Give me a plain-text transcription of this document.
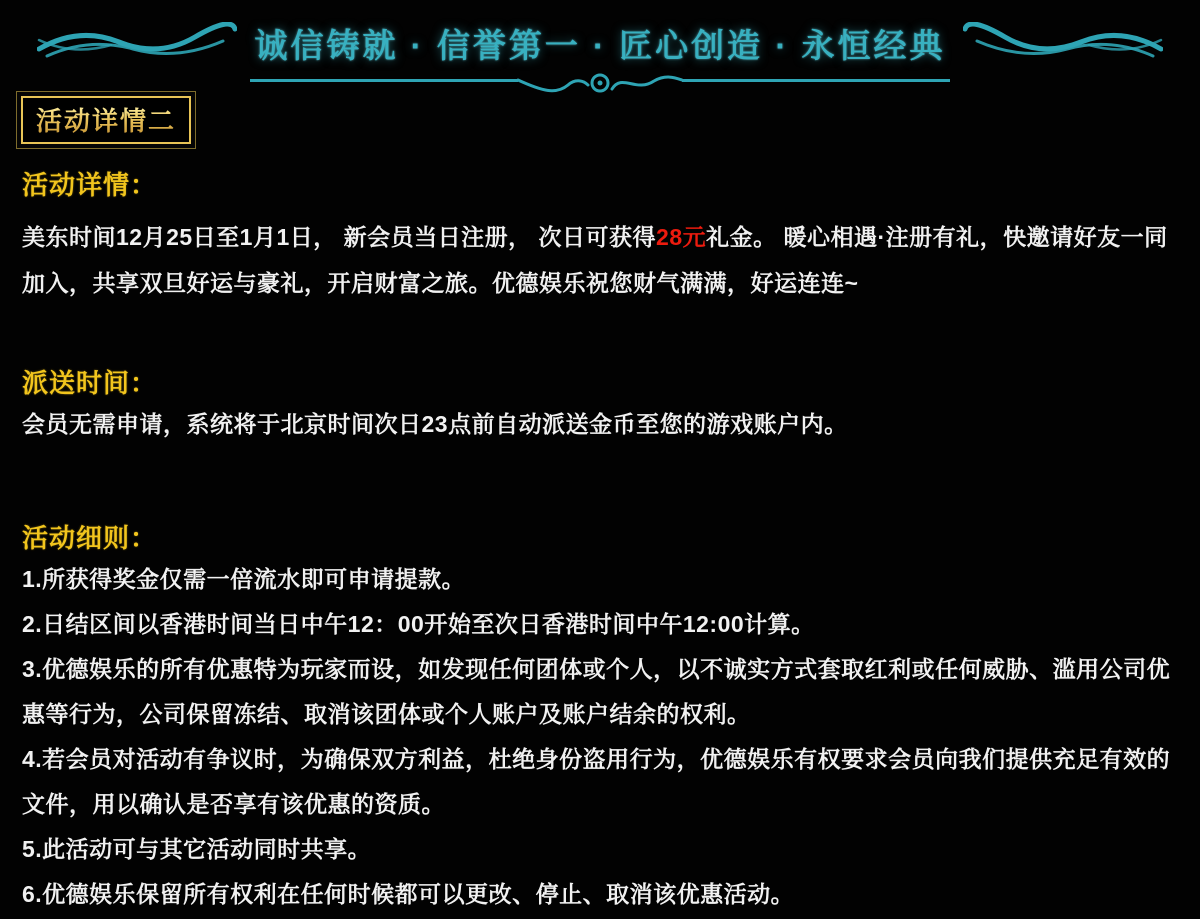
诚信铸就 · 信誉第一 · 匠心创造 · 永恒经典
活动详情二
活动详情：
美东时间12月25日至1月1日， 新会员当日注册， 次日可获得28元礼金。 暖心相遇·注册有礼，快邀请好友一同加入，共享双旦好运与豪礼，开启财富之旅。优德娱乐祝您财气满满，好运连连~
派送时间：
会员无需申请，系统将于北京时间次日23点前自动派送金币至您的游戏账户内。
活动细则：
1.所获得奖金仅需一倍流水即可申请提款。
2.日结区间以香港时间当日中午12：00开始至次日香港时间中午12:00计算。
3.优德娱乐的所有优惠特为玩家而设，如发现任何团体或个人，以不诚实方式套取红利或任何威胁、滥用公司优惠等行为，公司保留冻结、取消该团体或个人账户及账户结余的权利。
4.若会员对活动有争议时，为确保双方利益，杜绝身份盗用行为，优德娱乐有权要求会员向我们提供充足有效的文件，用以确认是否享有该优惠的资质。
5.此活动可与其它活动同时共享。
6.优德娱乐保留所有权利在任何时候都可以更改、停止、取消该优惠活动。
